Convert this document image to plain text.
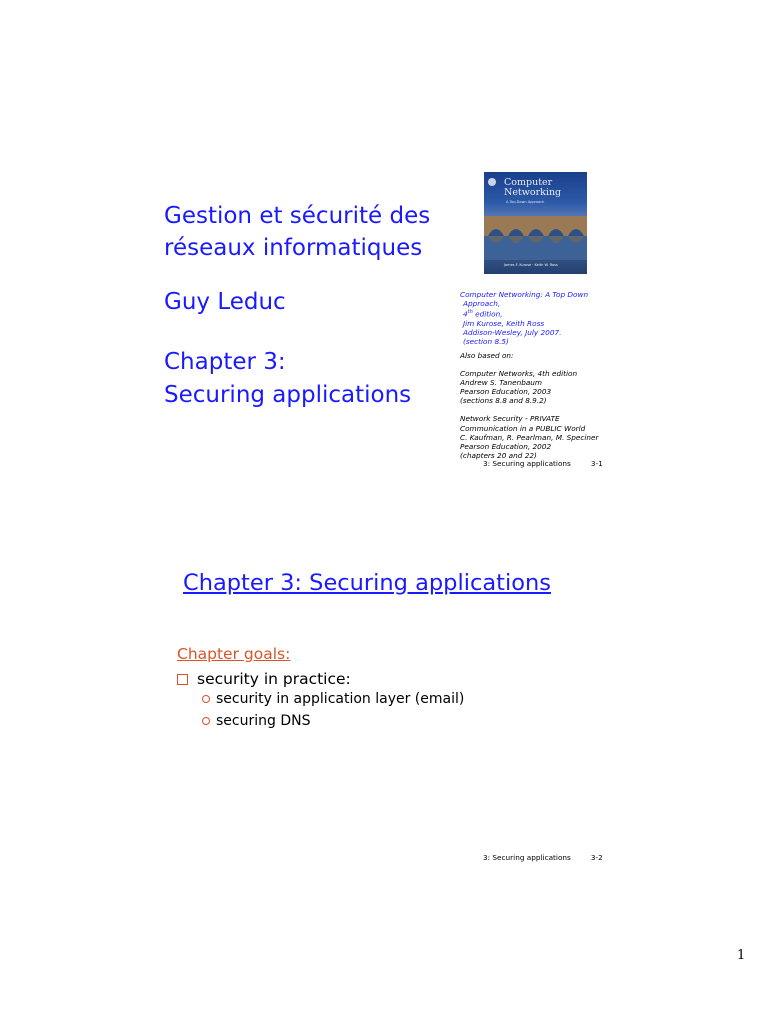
Gestion et sécurité des
réseaux informatiques
Guy Leduc
Chapter 3:
Securing applications
Computer Networking
A Top-Down Approach
James F. Kurose · Keith W. Ross
Computer Networking: A Top Down
Approach,
4th edition,
Jim Kurose, Keith Ross
Addison-Wesley, July 2007.
(section 8.5)
Also based on:
Computer Networks, 4th edition
Andrew S. Tanenbaum
Pearson Education, 2003
(sections 8.8 and 8.9.2)
Network Security - PRIVATE
Communication in a PUBLIC World
C. Kaufman, R. Pearlman, M. Speciner
Pearson Education, 2002
(chapters 20 and 22)
3: Securing applications	3-1
Chapter 3: Securing applications
Chapter goals:
security in practice:
security in application layer (email)
securing DNS
3: Securing applications	3-2
1
